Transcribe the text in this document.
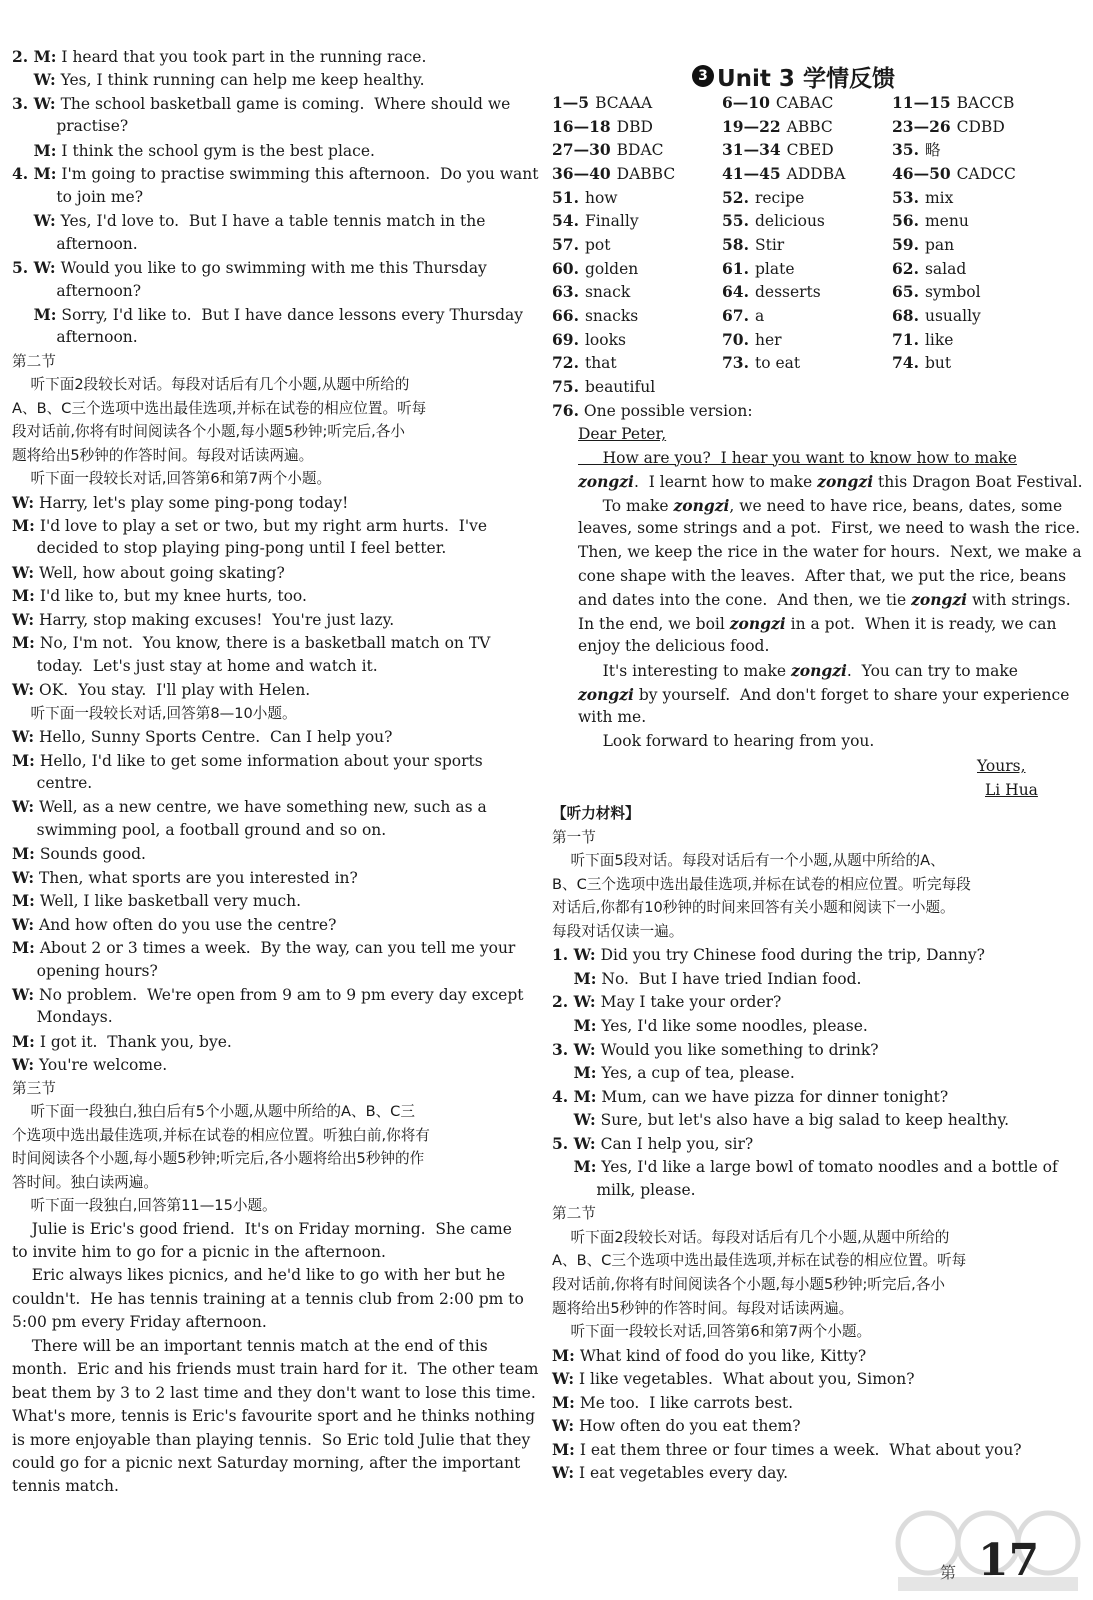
2. M: I heard that you took part in the running race.
W: Yes, I think running can help me keep healthy.
3. W: The school basketball game is coming.  Where should we
practise?
M: I think the school gym is the best place.
4. M: I'm going to practise swimming this afternoon.  Do you want
to join me?
W: Yes, I'd love to.  But I have a table tennis match in the
afternoon.
5. W: Would you like to go swimming with me this Thursday
afternoon?
M: Sorry, I'd like to.  But I have dance lessons every Thursday
afternoon.
第二节
听下面2段较长对话。每段对话后有几个小题,从题中所给的
A、B、C三个选项中选出最佳选项,并标在试卷的相应位置。听每
段对话前,你将有时间阅读各个小题,每小题5秒钟;听完后,各小
题将给出5秒钟的作答时间。每段对话读两遍。
听下面一段较长对话,回答第6和第7两个小题。
W: Harry, let's play some ping-pong today!
M: I'd love to play a set or two, but my right arm hurts.  I've
decided to stop playing ping-pong until I feel better.
W: Well, how about going skating?
M: I'd like to, but my knee hurts, too.
W: Harry, stop making excuses!  You're just lazy.
M: No, I'm not.  You know, there is a basketball match on TV
today.  Let's just stay at home and watch it.
W: OK.  You stay.  I'll play with Helen.
听下面一段较长对话,回答第8—10小题。
W: Hello, Sunny Sports Centre.  Can I help you?
M: Hello, I'd like to get some information about your sports
centre.
W: Well, as a new centre, we have something new, such as a
swimming pool, a football ground and so on.
M: Sounds good.
W: Then, what sports are you interested in?
M: Well, I like basketball very much.
W: And how often do you use the centre?
M: About 2 or 3 times a week.  By the way, can you tell me your
opening hours?
W: No problem.  We're open from 9 am to 9 pm every day except
Mondays.
M: I got it.  Thank you, bye.
W: You're welcome.
第三节
听下面一段独白,独白后有5个小题,从题中所给的A、B、C三
个选项中选出最佳选项,并标在试卷的相应位置。听独白前,你将有
时间阅读各个小题,每小题5秒钟;听完后,各小题将给出5秒钟的作
答时间。独白读两遍。
听下面一段独白,回答第11—15小题。
Julie is Eric's good friend.  It's on Friday morning.  She came
to invite him to go for a picnic in the afternoon.
Eric always likes picnics, and he'd like to go with her but he
couldn't.  He has tennis training at a tennis club from 2:00 pm to
5:00 pm every Friday afternoon.
There will be an important tennis match at the end of this
month.  Eric and his friends must train hard for it.  The other team
beat them by 3 to 2 last time and they don't want to lose this time.
What's more, tennis is Eric's favourite sport and he thinks nothing
is more enjoyable than playing tennis.  So Eric told Julie that they
could go for a picnic next Saturday morning, after the important
tennis match.
3 Unit 3 学情反馈
1—5 BCAAA	6—10 CABAC	11—15 BACCB
16—18 DBD	19—22 ABBC	23—26 CDBD
27—30 BDAC	31—34 CBED	35. 略
36—40 DABBC	41—45 ADDBA	46—50 CADCC
51. how	52. recipe	53. mix
54. Finally	55. delicious	56. menu
57. pot	58. Stir	59. pan
60. golden	61. plate	62. salad
63. snack	64. desserts	65. symbol
66. snacks	67. a	68. usually
69. looks	70. her	71. like
72. that	73. to eat	74. but
75. beautiful
76. One possible version:
Dear Peter,
How are you?  I hear you want to know how to make
zongzi.  I learnt how to make zongzi this Dragon Boat Festival.
To make zongzi, we need to have rice, beans, dates, some
leaves, some strings and a pot.  First, we need to wash the rice.
Then, we keep the rice in the water for hours.  Next, we make a
cone shape with the leaves.  After that, we put the rice, beans
and dates into the cone.  And then, we tie zongzi with strings.
In the end, we boil zongzi in a pot.  When it is ready, we can
enjoy the delicious food.
It's interesting to make zongzi.  You can try to make
zongzi by yourself.  And don't forget to share your experience
with me.
Look forward to hearing from you.
Yours,
Li Hua
【听力材料】
第一节
听下面5段对话。每段对话后有一个小题,从题中所给的A、
B、C三个选项中选出最佳选项,并标在试卷的相应位置。听完每段
对话后,你都有10秒钟的时间来回答有关小题和阅读下一小题。
每段对话仅读一遍。
1. W: Did you try Chinese food during the trip, Danny?
M: No.  But I have tried Indian food.
2. W: May I take your order?
M: Yes, I'd like some noodles, please.
3. W: Would you like something to drink?
M: Yes, a cup of tea, please.
4. M: Mum, can we have pizza for dinner tonight?
W: Sure, but let's also have a big salad to keep healthy.
5. W: Can I help you, sir?
M: Yes, I'd like a large bowl of tomato noodles and a bottle of
milk, please.
第二节
听下面2段较长对话。每段对话后有几个小题,从题中所给的
A、B、C三个选项中选出最佳选项,并标在试卷的相应位置。听每
段对话前,你将有时间阅读各个小题,每小题5秒钟;听完后,各小
题将给出5秒钟的作答时间。每段对话读两遍。
听下面一段较长对话,回答第6和第7两个小题。
M: What kind of food do you like, Kitty?
W: I like vegetables.  What about you, Simon?
M: Me too.  I like carrots best.
W: How often do you eat them?
M: I eat them three or four times a week.  What about you?
W: I eat vegetables every day.
第 17
